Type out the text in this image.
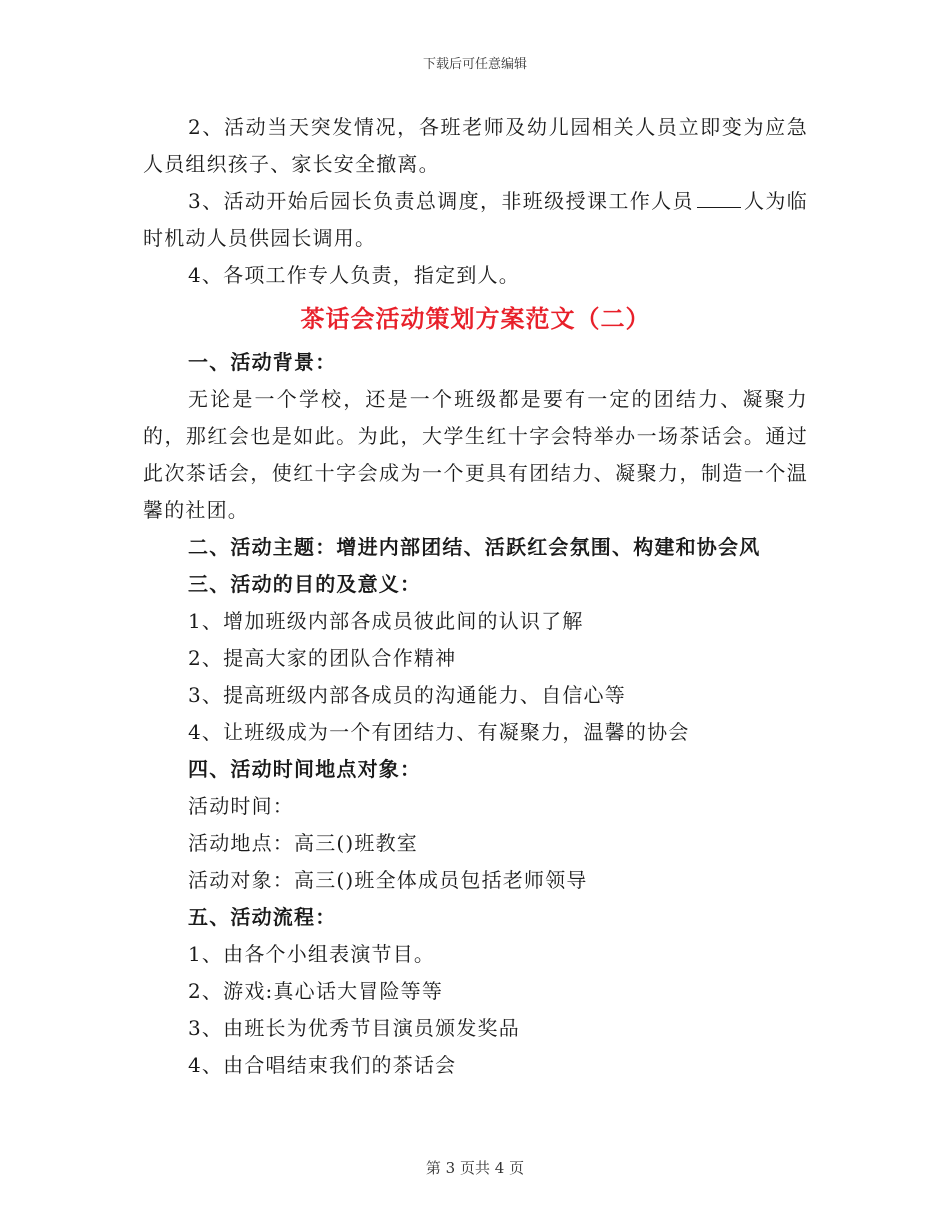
下载后可任意编辑

2、活动当天突发情况，各班老师及幼儿园相关人员立即变为应急人员组织孩子、家长安全撤离。

3、活动开始后园长负责总调度，非班级授课工作人员	人为临时机动人员供园长调用。

4、各项工作专人负责，指定到人。

茶话会活动策划方案范文（二）

一、活动背景：

无论是一个学校，还是一个班级都是要有一定的团结力、凝聚力的，那红会也是如此。为此，大学生红十字会特举办一场茶话会。通过此次茶话会，使红十字会成为一个更具有团结力、凝聚力，制造一个温馨的社团。

二、活动主题：增进内部团结、活跃红会氛围、构建和协会风

三、活动的目的及意义：

1、增加班级内部各成员彼此间的认识了解

2、提高大家的团队合作精神

3、提高班级内部各成员的沟通能力、自信心等

4、让班级成为一个有团结力、有凝聚力，温馨的协会

四、活动时间地点对象：

活动时间：

活动地点：高三()班教室

活动对象：高三()班全体成员包括老师领导

五、活动流程：

1、由各个小组表演节目。

2、游戏:真心话大冒险等等

3、由班长为优秀节目演员颁发奖品

4、由合唱结束我们的茶话会

第 3 页共 4 页
